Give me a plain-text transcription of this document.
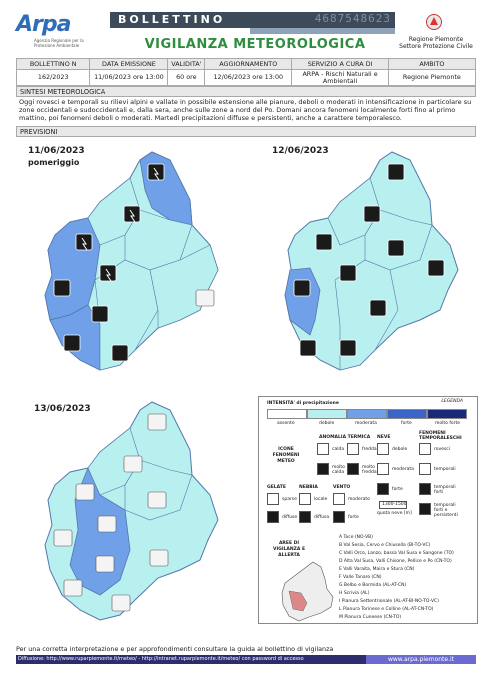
Arpa
Agenzia Regionale per la Protezione Ambientale
BOLLETTINO	4687548623
VIGILANZA METEOROLOGICA	Regione Piemonte
Settore Protezione Civile
BOLLETTINO N	DATA EMISSIONE	VALIDITA'	AGGIORNAMENTO	SERVIZIO A CURA DI	AMBITO
162/2023	11/06/2023 ore 13:00	60 ore	12/06/2023 ore 13:00	ARPA - Rischi Naturali e Ambientali	Regione Piemonte
SINTESI METEOROLOGICA
Oggi rovesci e temporali su rilievi alpini e vallate in possibile estensione alle pianure, deboli o moderati in intensificazione in particolare su zone occidentali e sudoccidentali e, dalla sera, anche sulle zone a nord del Po. Domani ancora fenomeni localmente forti fino al primo mattino, poi fenomeni deboli o moderati. Martedì precipitazioni diffuse e persistenti, anche a carattere temporalesco.
PREVISIONI
11/06/2023
pomeriggio
12/06/2023
13/06/2023
INTENSITA' di precipitazione	LEGENDA
assente	debole	moderata	forte	molto forte
ANOMALIA TERMICA NEVE
FENOMENI TEMPORALESCHI
ICONE FENOMENI METEO
calda	fredda	debole	rovesci
molto calda
molto fredda
moderata	temporali
GELATE	NEBBIA	VENTO	forte	temporali forti
sparse	locale	moderato
1300-1500
quota neve [m]
temporali forti e persistenti
diffuse	diffusa	forte
AREE DI VIGILANZA E ALLERTA
A Toce (NO-VB)
B Val Sesia, Cervo e Chiusella (BI-TO-VC)
C Valli Orco, Lanzo, bassa Val Susa e Sangone (TO)
D Alta Val Susa, Valli Chisone, Pellice e Po (CN-TO)
E Valli Varaita, Maira e Stura (CN)
F Valle Tanaro (CN)
G Belbo e Bormida (AL-AT-CN)
H Scrivia (AL)
I Pianura Settentrionale (AL-AT-BI-NO-TO-VC)
L Pianura Torinese e Colline (AL-AT-CN-TO)
M Pianura Cuneese (CN-TO)
Per una corretta interpretazione e per approfondimenti consultare la guida al bollettino di vigilanza
Diffusione: http://www.ruparpiemonte.it/meteo/ - http://intranet.ruparpiemonte.it/meteo/ con password di accesso	www.arpa.piemonte.it
